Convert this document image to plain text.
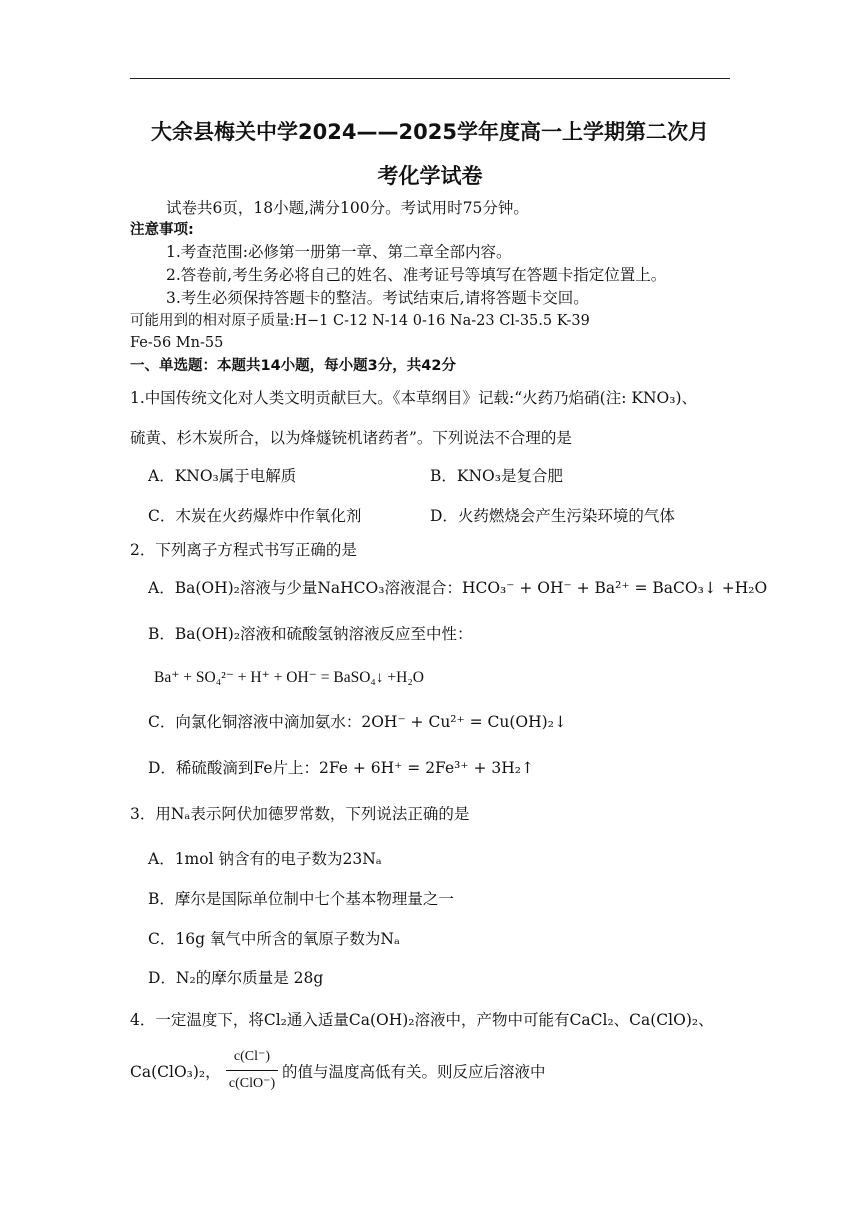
大余县梅关中学2024——2025学年度高一上学期第二次月
考化学试卷
试卷共6页，18小题,满分100分。考试用时75分钟。
注意事项:
1.考查范围:必修第一册第一章、第二章全部内容。
2.答卷前,考生务必将自己的姓名、准考证号等填写在答题卡指定位置上。
3.考生必须保持答题卡的整洁。考试结束后,请将答题卡交回。
可能用到的相对原子质量:H−1 C-12 N-14 0-16 Na-23 Cl-35.5 K-39
Fe-56 Mn-55
一、单选题：本题共14小题，每小题3分，共42分
1.中国传统文化对人类文明贡献巨大。《本草纲目》记载:“火药乃焰硝(注: KNO₃)、
硫黄、杉木炭所合，以为烽燧铳机诸药者”。下列说法不合理的是
A．KNO₃属于电解质	B．KNO₃是复合肥
C．木炭在火药爆炸中作氧化剂	D．火药燃烧会产生污染环境的气体
2．下列离子方程式书写正确的是
A．Ba(OH)₂溶液与少量NaHCO₃溶液混合：HCO₃⁻ + OH⁻ + Ba²⁺ = BaCO₃↓ +H₂O
B．Ba(OH)₂溶液和硫酸氢钠溶液反应至中性：
Ba⁺ + SO₄²⁻ + H⁺ + OH⁻ = BaSO₄↓ +H₂O
C．向氯化铜溶液中滴加氨水：2OH⁻ + Cu²⁺ = Cu(OH)₂↓
D．稀硫酸滴到Fe片上：2Fe + 6H⁺ = 2Fe³⁺ + 3H₂↑
3．用Nₐ表示阿伏加德罗常数，下列说法正确的是
A．1mol 钠含有的电子数为23Nₐ
B．摩尔是国际单位制中七个基本物理量之一
C．16g 氧气中所含的氧原子数为Nₐ
D．N₂的摩尔质量是 28g
4．一定温度下，将Cl₂通入适量Ca(OH)₂溶液中，产物中可能有CaCl₂、Ca(ClO)₂、
Ca(ClO₃)₂，
c(Cl⁻)
c(ClO⁻)
的值与温度高低有关。则反应后溶液中
